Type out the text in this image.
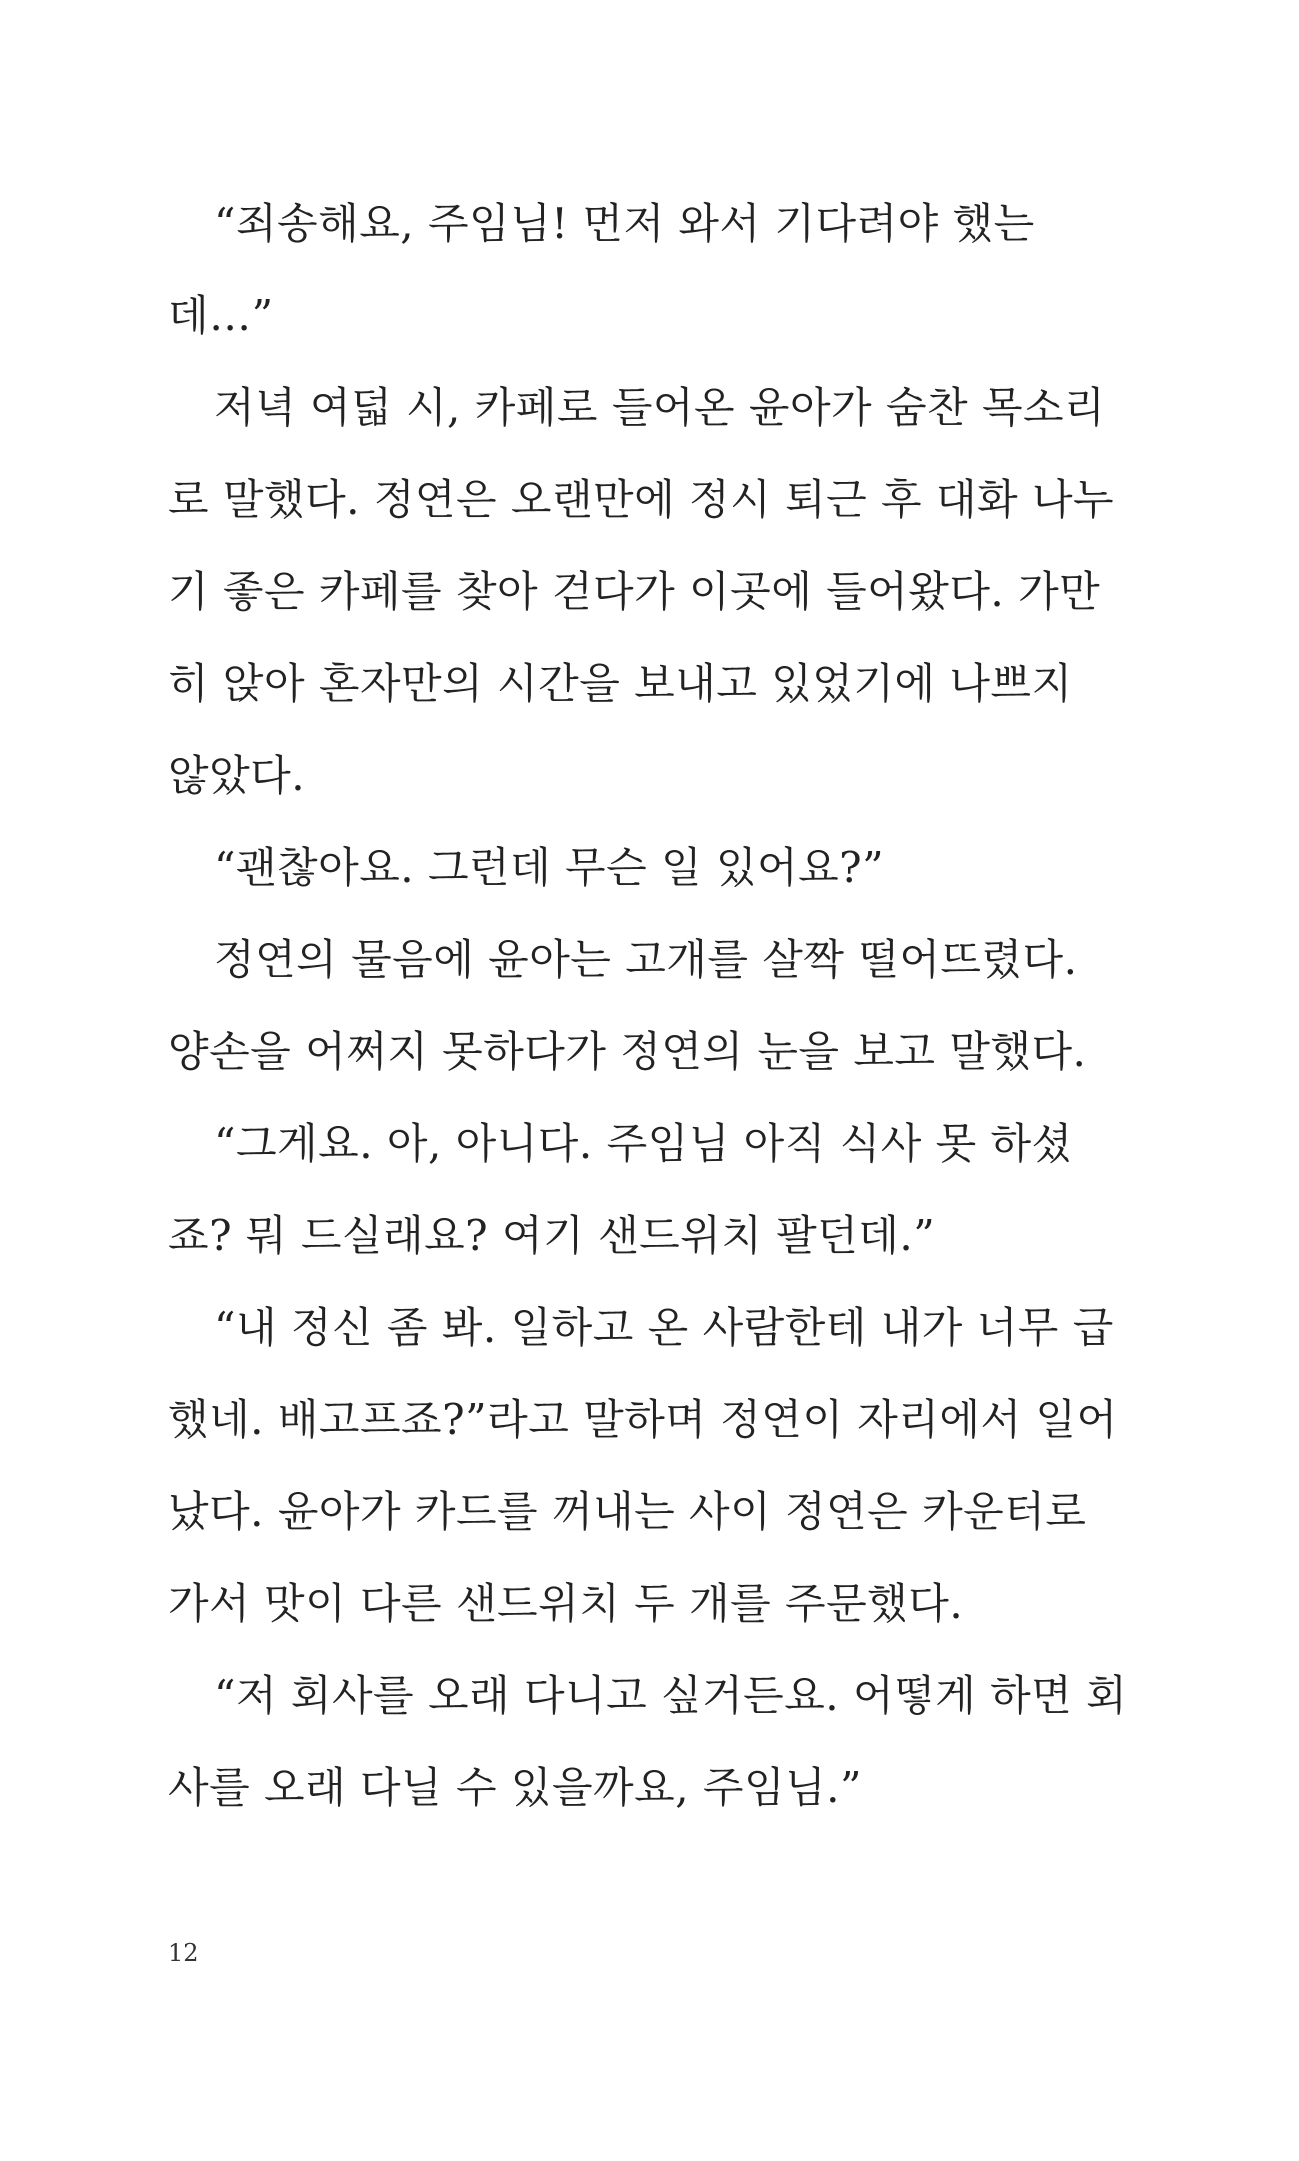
“죄송해요, 주임님! 먼저 와서 기다려야 했는
데…”
저녁 여덟 시, 카페로 들어온 윤아가 숨찬 목소리
로 말했다. 정연은 오랜만에 정시 퇴근 후 대화 나누
기 좋은 카페를 찾아 걷다가 이곳에 들어왔다. 가만
히 앉아 혼자만의 시간을 보내고 있었기에 나쁘지
않았다.
“괜찮아요. 그런데 무슨 일 있어요?”
정연의 물음에 윤아는 고개를 살짝 떨어뜨렸다.
양손을 어쩌지 못하다가 정연의 눈을 보고 말했다.
“그게요. 아, 아니다. 주임님 아직 식사 못 하셨
죠? 뭐 드실래요? 여기 샌드위치 팔던데.”
“내 정신 좀 봐. 일하고 온 사람한테 내가 너무 급
했네. 배고프죠?”라고 말하며 정연이 자리에서 일어
났다. 윤아가 카드를 꺼내는 사이 정연은 카운터로
가서 맛이 다른 샌드위치 두 개를 주문했다.
“저 회사를 오래 다니고 싶거든요. 어떻게 하면 회
사를 오래 다닐 수 있을까요, 주임님.”
12
